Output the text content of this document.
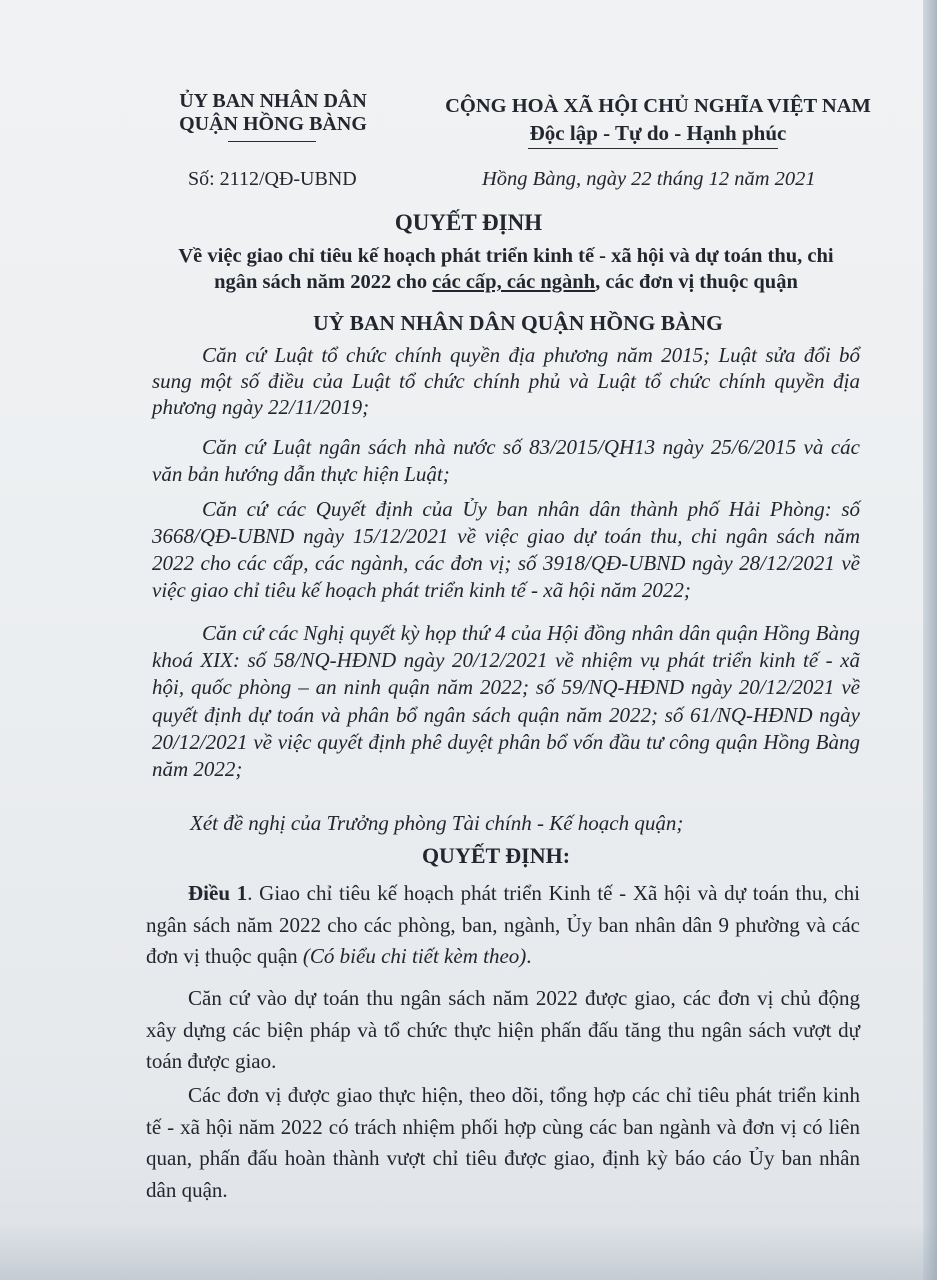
ỦY BAN NHÂN DÂN
QUẬN HỒNG BÀNG
CỘNG HOÀ XÃ HỘI CHỦ NGHĨA VIỆT NAM
Độc lập - Tự do - Hạnh phúc
Số: 2112/QĐ-UBND	Hồng Bàng, ngày 22 tháng 12 năm 2021
QUYẾT ĐỊNH
Về việc giao chỉ tiêu kế hoạch phát triển kinh tế - xã hội và dự toán thu, chi
ngân sách năm 2022 cho các cấp, các ngành, các đơn vị thuộc quận
UỶ BAN NHÂN DÂN QUẬN HỒNG BÀNG
Căn cứ Luật tổ chức chính quyền địa phương năm 2015; Luật sửa đổi bổ sung một số điều của Luật tổ chức chính phủ và Luật tổ chức chính quyền địa phương ngày 22/11/2019;
Căn cứ Luật ngân sách nhà nước số 83/2015/QH13 ngày 25/6/2015 và các văn bản hướng dẫn thực hiện Luật;
Căn cứ các Quyết định của Ủy ban nhân dân thành phố Hải Phòng: số 3668/QĐ-UBND ngày 15/12/2021 về việc giao dự toán thu, chi ngân sách năm 2022 cho các cấp, các ngành, các đơn vị; số 3918/QĐ-UBND ngày 28/12/2021 về việc giao chỉ tiêu kế hoạch phát triển kinh tế - xã hội năm 2022;
Căn cứ các Nghị quyết kỳ họp thứ 4 của Hội đồng nhân dân quận Hồng Bàng khoá XIX: số 58/NQ-HĐND ngày 20/12/2021 về nhiệm vụ phát triển kinh tế - xã hội, quốc phòng – an ninh quận năm 2022; số 59/NQ-HĐND ngày 20/12/2021 về quyết định dự toán và phân bổ ngân sách quận năm 2022; số 61/NQ-HĐND ngày 20/12/2021 về việc quyết định phê duyệt phân bổ vốn đầu tư công quận Hồng Bàng năm 2022;
Xét đề nghị của Trưởng phòng Tài chính - Kế hoạch quận;
QUYẾT ĐỊNH:
Điều 1. Giao chỉ tiêu kế hoạch phát triển Kinh tế - Xã hội và dự toán thu, chi ngân sách năm 2022 cho các phòng, ban, ngành, Ủy ban nhân dân 9 phường và các đơn vị thuộc quận (Có biểu chi tiết kèm theo).
Căn cứ vào dự toán thu ngân sách năm 2022 được giao, các đơn vị chủ động xây dựng các biện pháp và tổ chức thực hiện phấn đấu tăng thu ngân sách vượt dự toán được giao.
Các đơn vị được giao thực hiện, theo dõi, tổng hợp các chỉ tiêu phát triển kinh tế - xã hội năm 2022 có trách nhiệm phối hợp cùng các ban ngành và đơn vị có liên quan, phấn đấu hoàn thành vượt chỉ tiêu được giao, định kỳ báo cáo Ủy ban nhân dân quận.
